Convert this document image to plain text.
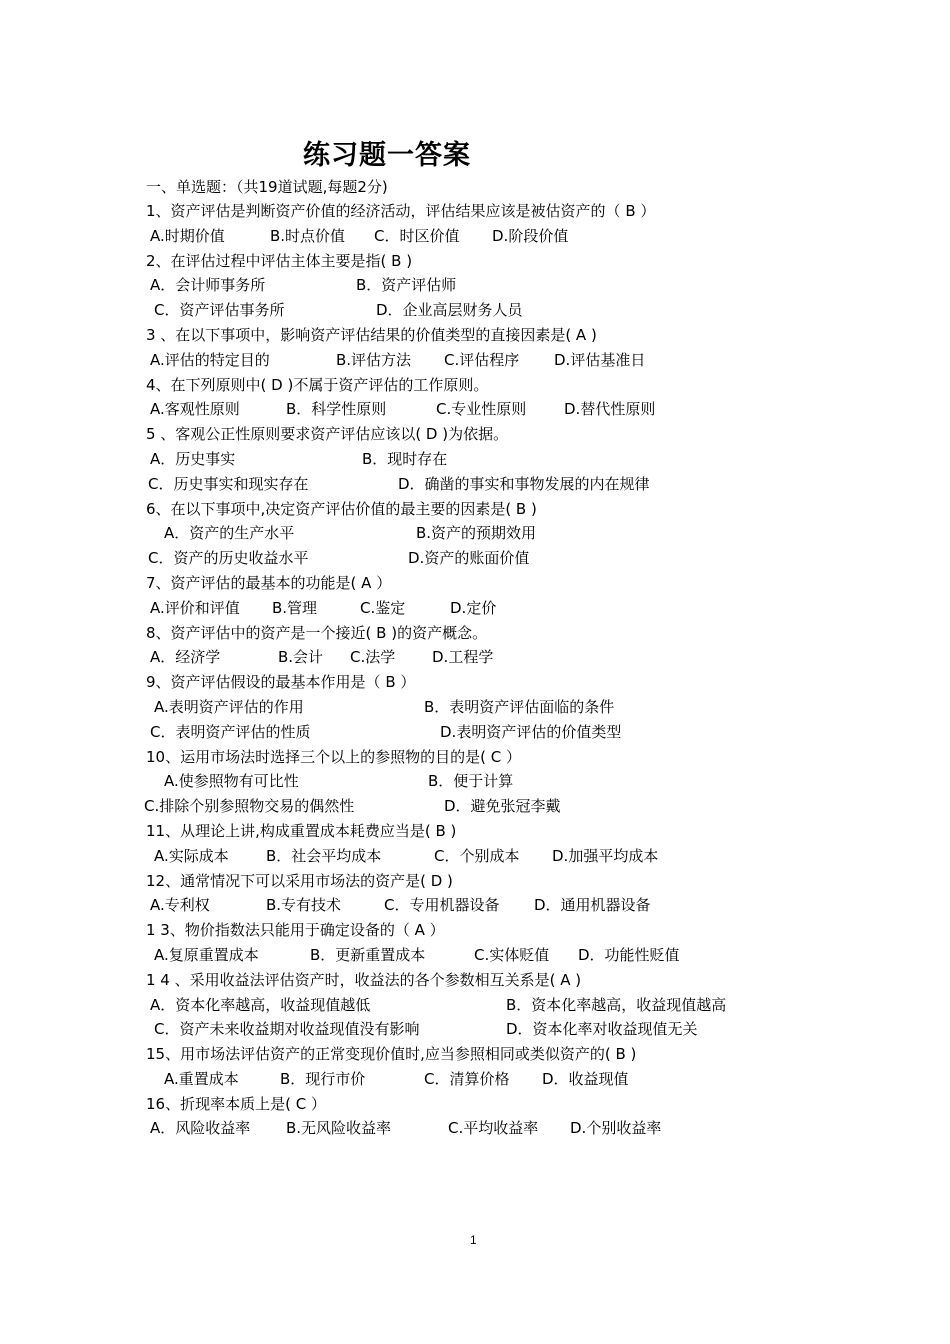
练习题一答案
一、单选题：（共19道试题,每题2分)
1、资产评估是判断资产价值的经济活动，评估结果应该是被估资产的（ B ）
A.时期价值	B.时点价值 C．时区价值 D.阶段价值
2、在评估过程中评估主体主要是指( B )
A．会计师事务所	B．资产评估师
C．资产评估事务所	D．企业高层财务人员
3 、在以下事项中，影响资产评估结果的价值类型的直接因素是( A )
A.评估的特定目的	B.评估方法 C.评估程序 D.评估基准日
4、在下列原则中( D )不属于资产评估的工作原则。
A.客观性原则	B．科学性原则	C.专业性原则	D.替代性原则
5 、客观公正性原则要求资产评估应该以( D )为依据。
A．历史事实	B．现时存在
C．历史事实和现实存在	D．确凿的事实和事物发展的内在规律
6、在以下事项中,决定资产评估价值的最主要的因素是( B )
A．资产的生产水平	B.资产的预期效用
C．资产的历史收益水平	D.资产的账面价值
7、资产评估的最基本的功能是( A ）
A.评价和评值 B.管理	C.鉴定	D.定价
8、资产评估中的资产是一个接近( B )的资产概念。
A．经济学	B.会计 C.法学 D.工程学
9、资产评估假设的最基本作用是（ B ）
A.表明资产评估的作用	B．表明资产评估面临的条件
C．表明资产评估的性质	D.表明资产评估的价值类型
10、运用市场法时选择三个以上的参照物的目的是( C ）
A.使参照物有可比性	B．便于计算
C.排除个别参照物交易的偶然性	D．避免张冠李戴
11、从理论上讲,构成重置成本耗费应当是( B )
A.实际成本 B．社会平均成本	C．个别成本 D.加强平均成本
12、通常情况下可以采用市场法的资产是( D )
A.专利权	B.专有技术	C．专用机器设备 D．通用机器设备
1 3、物价指数法只能用于确定设备的（ A ）
A.复原重置成本	B．更新重置成本	C.实体贬值 D．功能性贬值
1 4 、采用收益法评估资产时，收益法的各个参数相互关系是( A )
A．资本化率越高，收益现值越低	B．资本化率越高，收益现值越高
C．资产未来收益期对收益现值没有影响	D．资本化率对收益现值无关
15、用市场法评估资产的正常变现价值时,应当参照相同或类似资产的( B )
A.重置成本	B．现行市价	C．清算价格 D．收益现值
16、折现率本质上是( C ）
A．风险收益率 B.无风险收益率	C.平均收益率 D.个别收益率
1
